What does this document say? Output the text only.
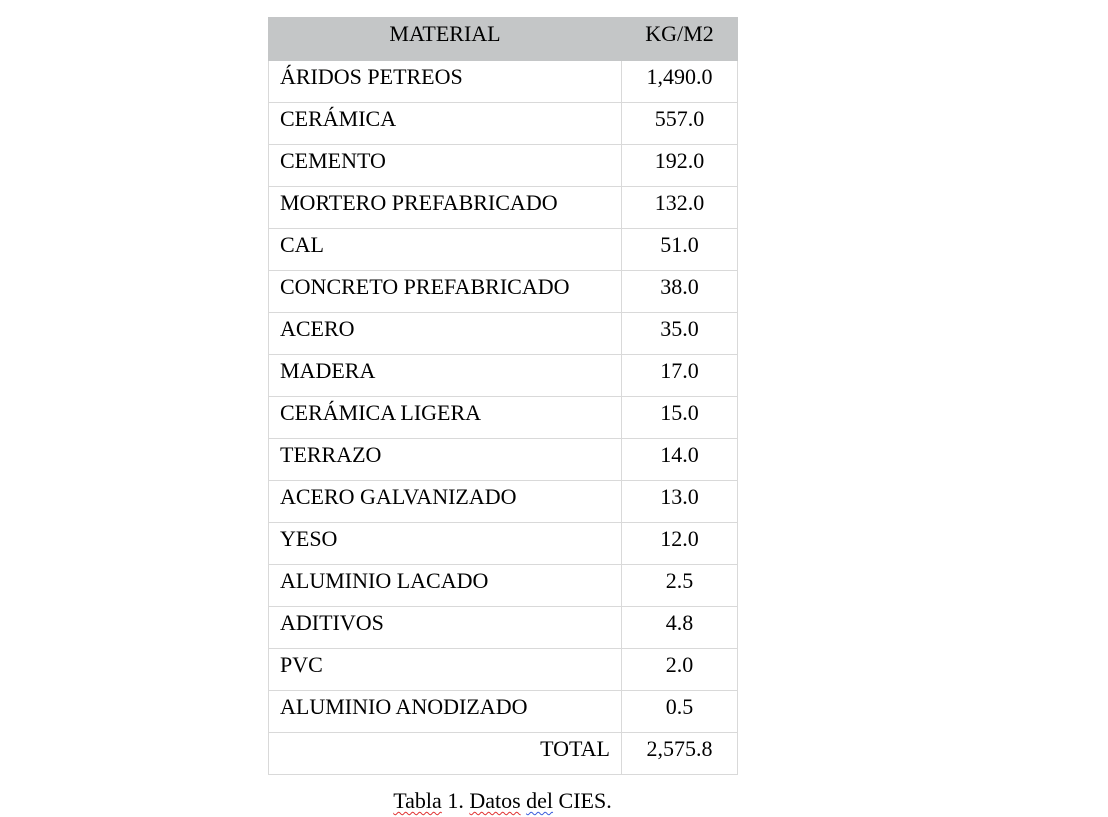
MATERIAL	KG/M2
ÁRIDOS PETREOS	1,490.0
CERÁMICA	557.0
CEMENTO	192.0
MORTERO PREFABRICADO	132.0
CAL	51.0
CONCRETO PREFABRICADO	38.0
ACERO	35.0
MADERA	17.0
CERÁMICA LIGERA	15.0
TERRAZO	14.0
ACERO GALVANIZADO	13.0
YESO	12.0
ALUMINIO LACADO	2.5
ADITIVOS	4.8
PVC	2.0
ALUMINIO ANODIZADO	0.5
TOTAL	2,575.8
Tabla 1. Datos del CIES.
